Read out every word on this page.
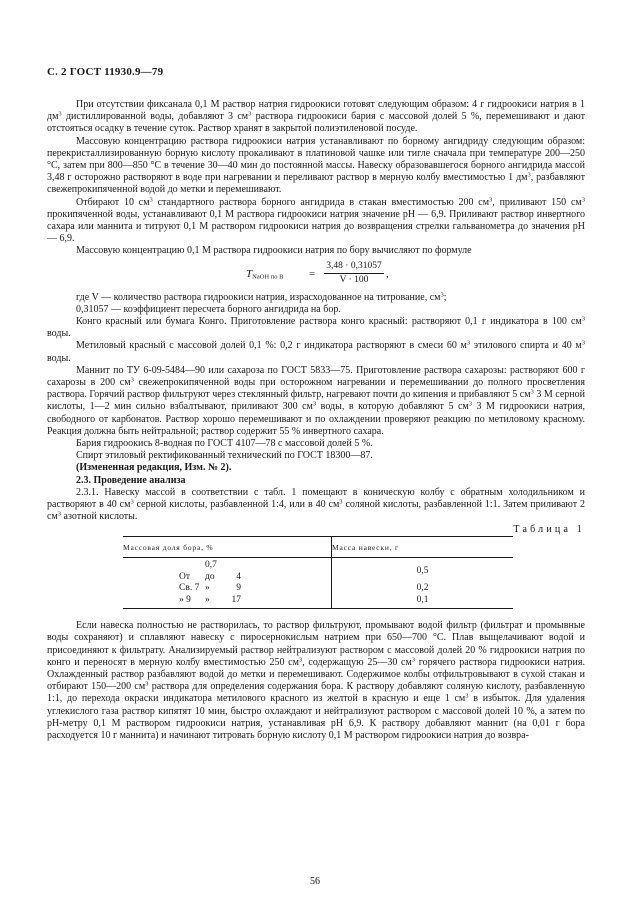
С. 2 ГОСТ 11930.9—79

При отсутствии фиксанала 0,1 М раствор натрия гидроокиси готовят следующим образом: 4 г гидроокиси натрия в 1 $дм^3$ дистиллированной воды, добавляют 3 $см^3$ раствора гидроокиси бария с массовой долей 5 %, перемешивают и дают отстояться осадку в течение суток. Раствор хранят в закрытой полиэтиленовой посуде.

Массовую концентрацию раствора гидроокиси натрия устанавливают по борному ангидриду следующим образом: перекристаллизированную борную кислоту прокаливают в платиновой чашке или тигле сначала при температуре 200—250 °С, затем при 800—850 °С в течение 30—40 мин до постоянной массы. Навеску образовавшегося борного ангидрида массой 3,48 г осторожно растворяют в воде при нагревании и переливают раствор в мерную колбу вместимостью 1 $дм^3$, разбавляют свежепрокипяченной водой до метки и перемешивают.

Отбирают 10 $см^3$ стандартного раствора борного ангидрида в стакан вместимостью 200 $см^3$, приливают 150 $см^3$ прокипяченной воды, устанавливают 0,1 М раствора гидроокиси натрия значение рН — 6,9. Приливают раствор инвертного сахара или маннита и титруют 0,1 М раствором гидроокиси натрия до возвращения стрелки гальванометра до значения рН — 6,9.

Массовую концентрацию 0,1 М раствора гидроокиси натрия по бору вычисляют по формуле

$T_{NaOH по B} = \frac{3,48 \cdot 0,31057}{V \cdot 100}$ ,

где V — количество раствора гидроокиси натрия, израсходованное на титрование, $см^3$;

0,31057 — коэффициент пересчета борного ангидрида на бор.

Конго красный или бумага Конго. Приготовление раствора конго красный: растворяют 0,1 г индикатора в 100 $см^3$ воды.

Метиловый красный с массовой долей 0,1 %: 0,2 г индикатора растворяют в смеси 60 $м^3$ этилового спирта и 40 $м^3$ воды.

Маннит по ТУ 6-09-5484—90 или сахароза по ГОСТ 5833—75. Приготовление раствора сахарозы: растворяют 600 г сахарозы в 200 $см^3$ свежепрокипяченной воды при осторожном нагревании и перемешивании до полного просветления раствора. Горячий раствор фильтруют через стеклянный фильтр, нагревают почти до кипения и прибавляют 5 $см^3$ 3 М серной кислоты, 1—2 мин сильно взбалтывают, приливают 300 $см^3$ воды, в которую добавляют 5 $см^3$ 3 М гидроокиси натрия, свободного от карбонатов. Раствор хорошо перемешивают и по охлаждении проверяют реакцию по метиловому красному. Реакция должна быть нейтральной; раствор содержит 55 % инвертного сахара.

Бария гидроокись 8-водная по ГОСТ 4107—78 с массовой долей 5 %.

Спирт этиловый ректификованный технический по ГОСТ 18300—87.

(Измененная редакция, Изм. № 2).

2.3. Проведение анализа

2.3.1. Навеску массой в соответствии с табл. 1 помещают в коническую колбу с обратным холодильником и растворяют в 40 $см^3$ серной кислоты, разбавленной 1:4, или в 40 $см^3$ соляной кислоты, разбавленной 1:1. Затем приливают 2 $см^3$ азотной кислоты.

Таблица 1

Массовая доля бора, %	Масса навески, г
От0,7 до 4	0,5
Св. 7 » 9	0,2
» 9 » 17	0,1

Если навеска полностью не растворилась, то раствор фильтруют, промывают водой фильтр (фильтрат и промывные воды сохраняют) и сплавляют навеску с пиросернокислым натрием при 650—700 °С. Плав выщелачивают водой и присоединяют к фильтрату. Анализируемый раствор нейтрализуют раствором с массовой долей 20 % гидроокиси натрия по конго и переносят в мерную колбу вместимостью 250 $см^3$, содержащую 25—30 $см^3$ горячего раствора гидроокиси натрия. Охлажденный раствор разбавляют водой до метки и перемешивают. Содержимое колбы отфильтровывают в сухой стакан и отбирают 150—200 $см^3$ раствора для определения содержания бора. К раствору добавляют соляную кислоту, разбавленную 1:1, до перехода окраски индикатора метилового красного из желтой в красную и еще 1 $см^3$ в избыток. Для удаления углекислого газа раствор кипятят 10 мин, быстро охлаждают и нейтрализуют раствором с массовой долей 10 %, а затем по рН-метру 0,1 М раствором гидроокиси натрия, устанавливая рН 6,9. К раствору добавляют маннит (на 0,01 г бора расходуется 10 г маннита) и начинают титровать борную кислоту 0,1 М раствором гидроокиси натрия до возвра-

56
